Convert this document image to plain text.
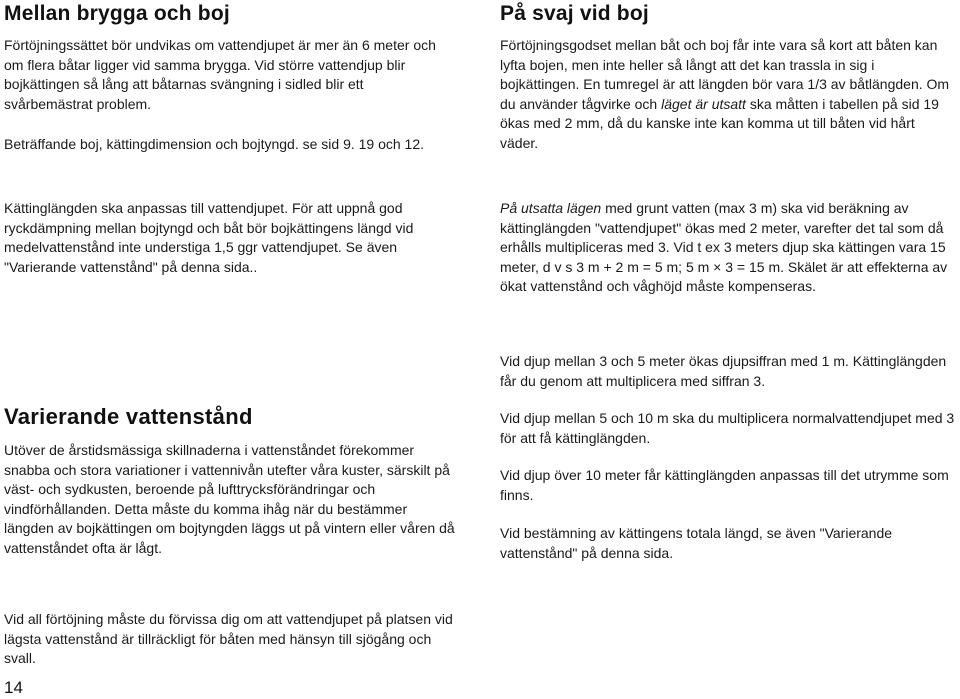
Mellan brygga och boj

Förtöjningssättet bör undvikas om vattendjupet är mer än 6 meter och om flera båtar ligger vid samma brygga. Vid större vattendjup blir bojkättingen så lång att båtarnas svängning i sidled blir ett svårbemästrat problem.

Beträffande boj, kättingdimension och bojtyngd. se sid 9. 19 och 12.

Kättinglängden ska anpassas till vattendjupet. För att uppnå god ryckdämpning mellan bojtyngd och båt bör bojkättingens längd vid medelvattenstånd inte understiga 1,5 ggr vattendjupet. Se även "Varierande vattenstånd" på denna sida..

Varierande vattenstånd

Utöver de årstidsmässiga skillnaderna i vattenståndet förekommer snabba och stora variationer i vattennivån utefter våra kuster, särskilt på väst- och sydkusten, beroende på lufttrycksförändringar och vindförhållanden. Detta måste du komma ihåg när du bestämmer längden av bojkättingen om bojtyngden läggs ut på vintern eller våren då vattenståndet ofta är lågt.

Vid all förtöjning måste du förvissa dig om att vattendjupet på platsen vid lägsta vattenstånd är tillräckligt för båten med hänsyn till sjögång och svall.

På svaj vid boj

Förtöjningsgodset mellan båt och boj får inte vara så kort att båten kan lyfta bojen, men inte heller så långt att det kan trassla in sig i bojkättingen. En tumregel är att längden bör vara 1/3 av båtlängden. Om du använder tågvirke och läget är utsatt ska måtten i tabellen på sid 19 ökas med 2 mm, då du kanske inte kan komma ut till båten vid hårt väder.

På utsatta lägen med grunt vatten (max 3 m) ska vid beräkning av kättinglängden "vattendjupet" ökas med 2 meter, varefter det tal som då erhålls multipliceras med 3. Vid t ex 3 meters djup ska kättingen vara 15 meter, d v s 3 m + 2 m = 5 m; 5 m × 3 = 15 m. Skälet är att effekterna av ökat vattenstånd och våghöjd måste kompenseras.

Vid djup mellan 3 och 5 meter ökas djupsiffran med 1 m. Kättinglängden får du genom att multiplicera med siffran 3.

Vid djup mellan 5 och 10 m ska du multiplicera normalvattendjupet med 3 för att få kättinglängden.

Vid djup över 10 meter får kättinglängden anpassas till det utrymme som finns.

Vid bestämning av kättingens totala längd, se även "Varierande vattenstånd" på denna sida.

14
